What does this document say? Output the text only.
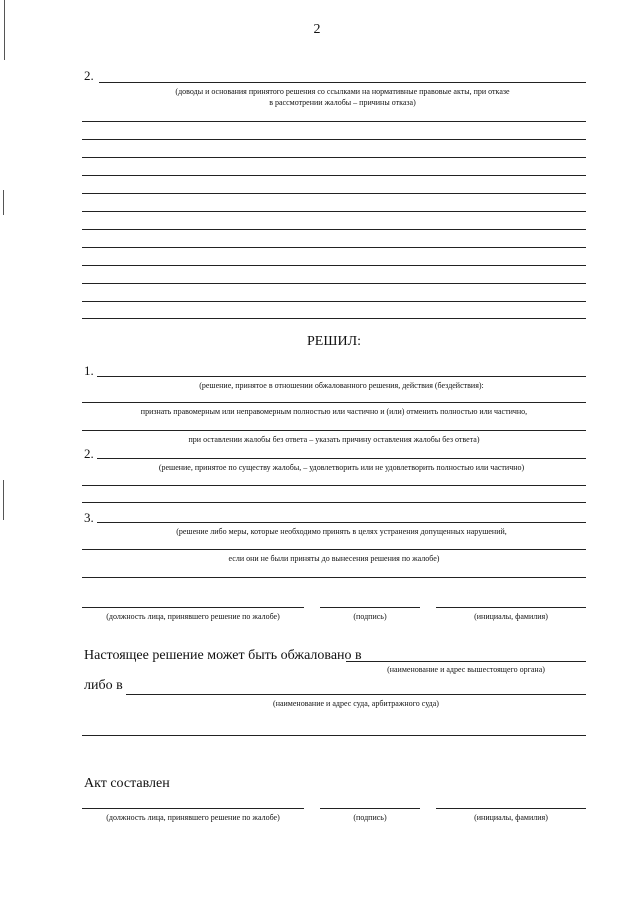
2
2.
(доводы и основания принятого решения со ссылками на нормативные правовые акты, при отказе
в рассмотрении жалобы – причины отказа)
РЕШИЛ:
1.
(решение, принятое в отношении обжалованного решения, действия (бездействия):
признать правомерным или неправомерным полностью или частично и (или) отменить полностью или частично,
при оставлении жалобы без ответа – указать причину оставления жалобы без ответа)
2.
(решение, принятое по существу жалобы, – удовлетворить или не удовлетворить полностью или частично)
3.
(решение либо меры, которые необходимо принять в целях устранения допущенных нарушений,
если они не были приняты до вынесения решения по жалобе)
(должность лица, принявшего решение по жалобе)	(подпись)	(инициалы, фамилия)
Настоящее решение может быть обжаловано в
(наименование и адрес вышестоящего органа)
либо в
(наименование и адрес суда, арбитражного суда)
Акт составлен
(должность лица, принявшего решение по жалобе)	(подпись)	(инициалы, фамилия)
